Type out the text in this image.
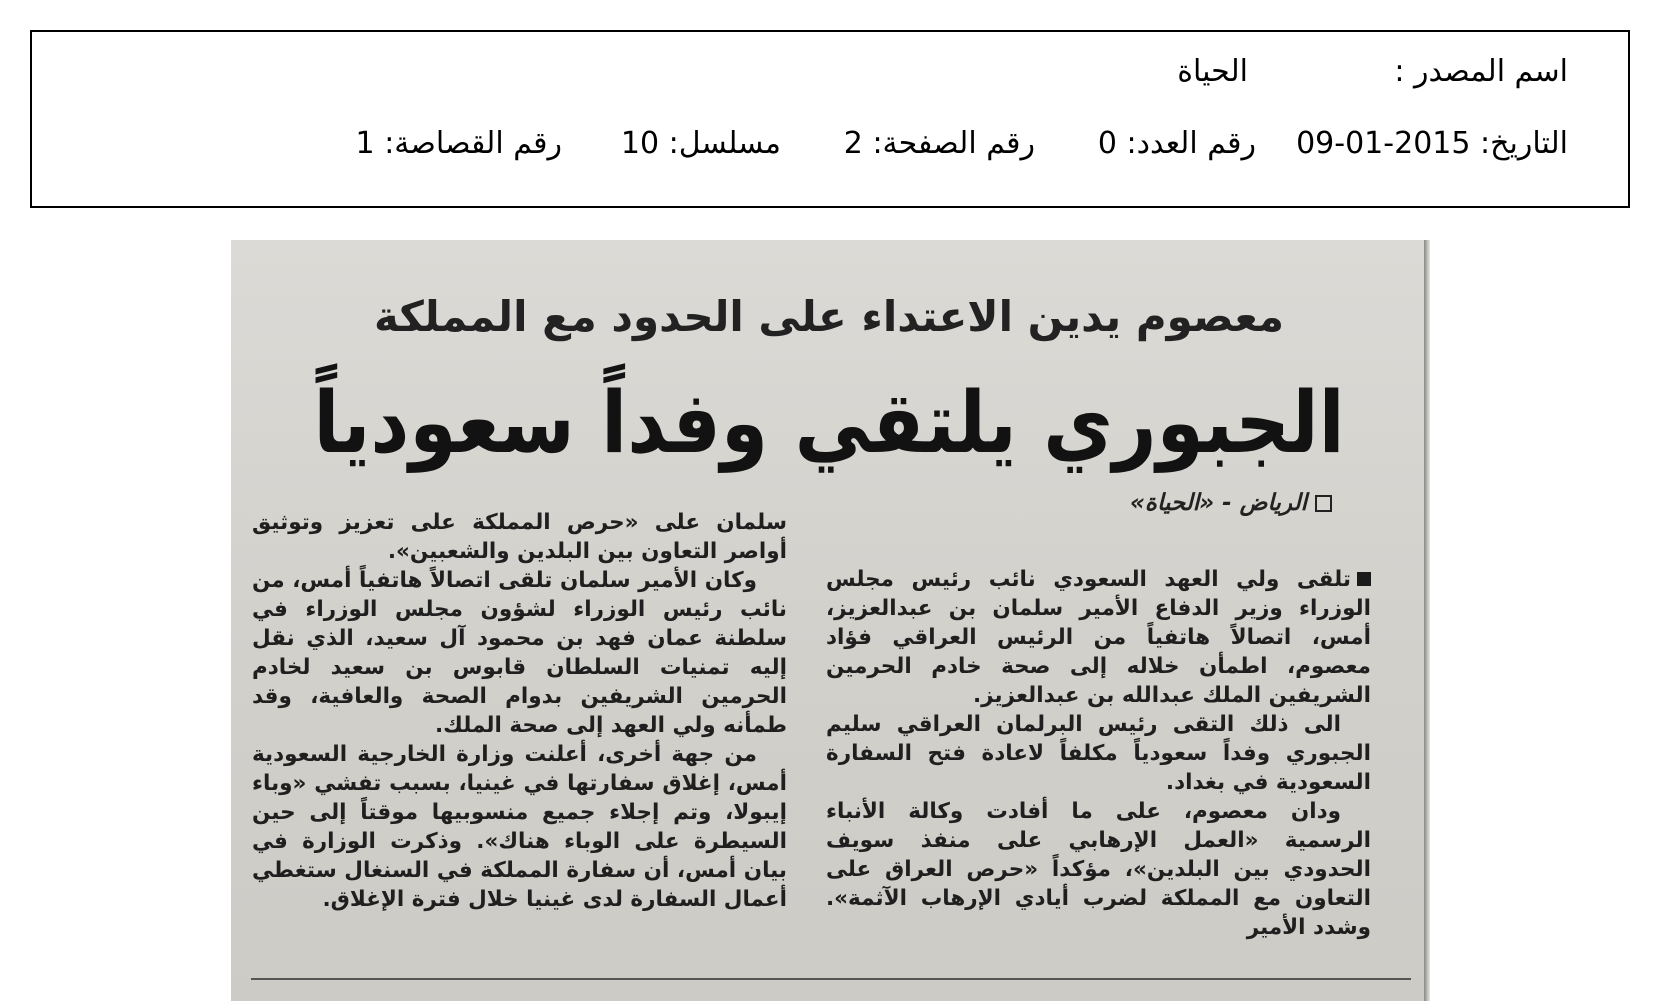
اسم المصدر :
الحياة
التاريخ: 2015-01-09
رقم العدد: 0
رقم الصفحة: 2
مسلسل: 10
رقم القصاصة: 1
معصوم يدين الاعتداء على الحدود مع المملكة
الجبوري يلتقي وفداً سعودياً
الرياض - «الحياة»

تلقى ولي العهد السعودي نائب رئيس مجلس الوزراء وزير الدفاع الأمير سلمان بن عبدالعزيز، أمس، اتصالاً هاتفياً من الرئيس العراقي فؤاد معصوم، اطمأن خلاله إلى صحة خادم الحرمين الشريفين الملك عبدالله بن عبدالعزيز.

الى ذلك التقى رئيس البرلمان العراقي سليم الجبوري وفداً سعودياً مكلفاً لاعادة فتح السفارة السعودية في بغداد.

ودان معصوم، على ما أفادت وكالة الأنباء الرسمية «العمل الإرهابي على منفذ سويف الحدودي بين البلدين»، مؤكداً «حرص العراق على التعاون مع المملكة لضرب أيادي الإرهاب الآثمة». وشدد الأمير

سلمان على «حرص المملكة على تعزيز وتوثيق أواصر التعاون بين البلدين والشعبين».

وكان الأمير سلمان تلقى اتصالاً هاتفياً أمس، من نائب رئيس الوزراء لشؤون مجلس الوزراء في سلطنة عمان فهد بن محمود آل سعيد، الذي نقل إليه تمنيات السلطان قابوس بن سعيد لخادم الحرمين الشريفين بدوام الصحة والعافية، وقد طمأنه ولي العهد إلى صحة الملك.

من جهة أخرى، أعلنت وزارة الخارجية السعودية أمس، إغلاق سفارتها في غينيا، بسبب تفشي «وباء إيبولا، وتم إجلاء جميع منسوبيها موقتاً إلى حين السيطرة على الوباء هناك». وذكرت الوزارة في بيان أمس، أن سفارة المملكة في السنغال ستغطي أعمال السفارة لدى غينيا خلال فترة الإغلاق.
